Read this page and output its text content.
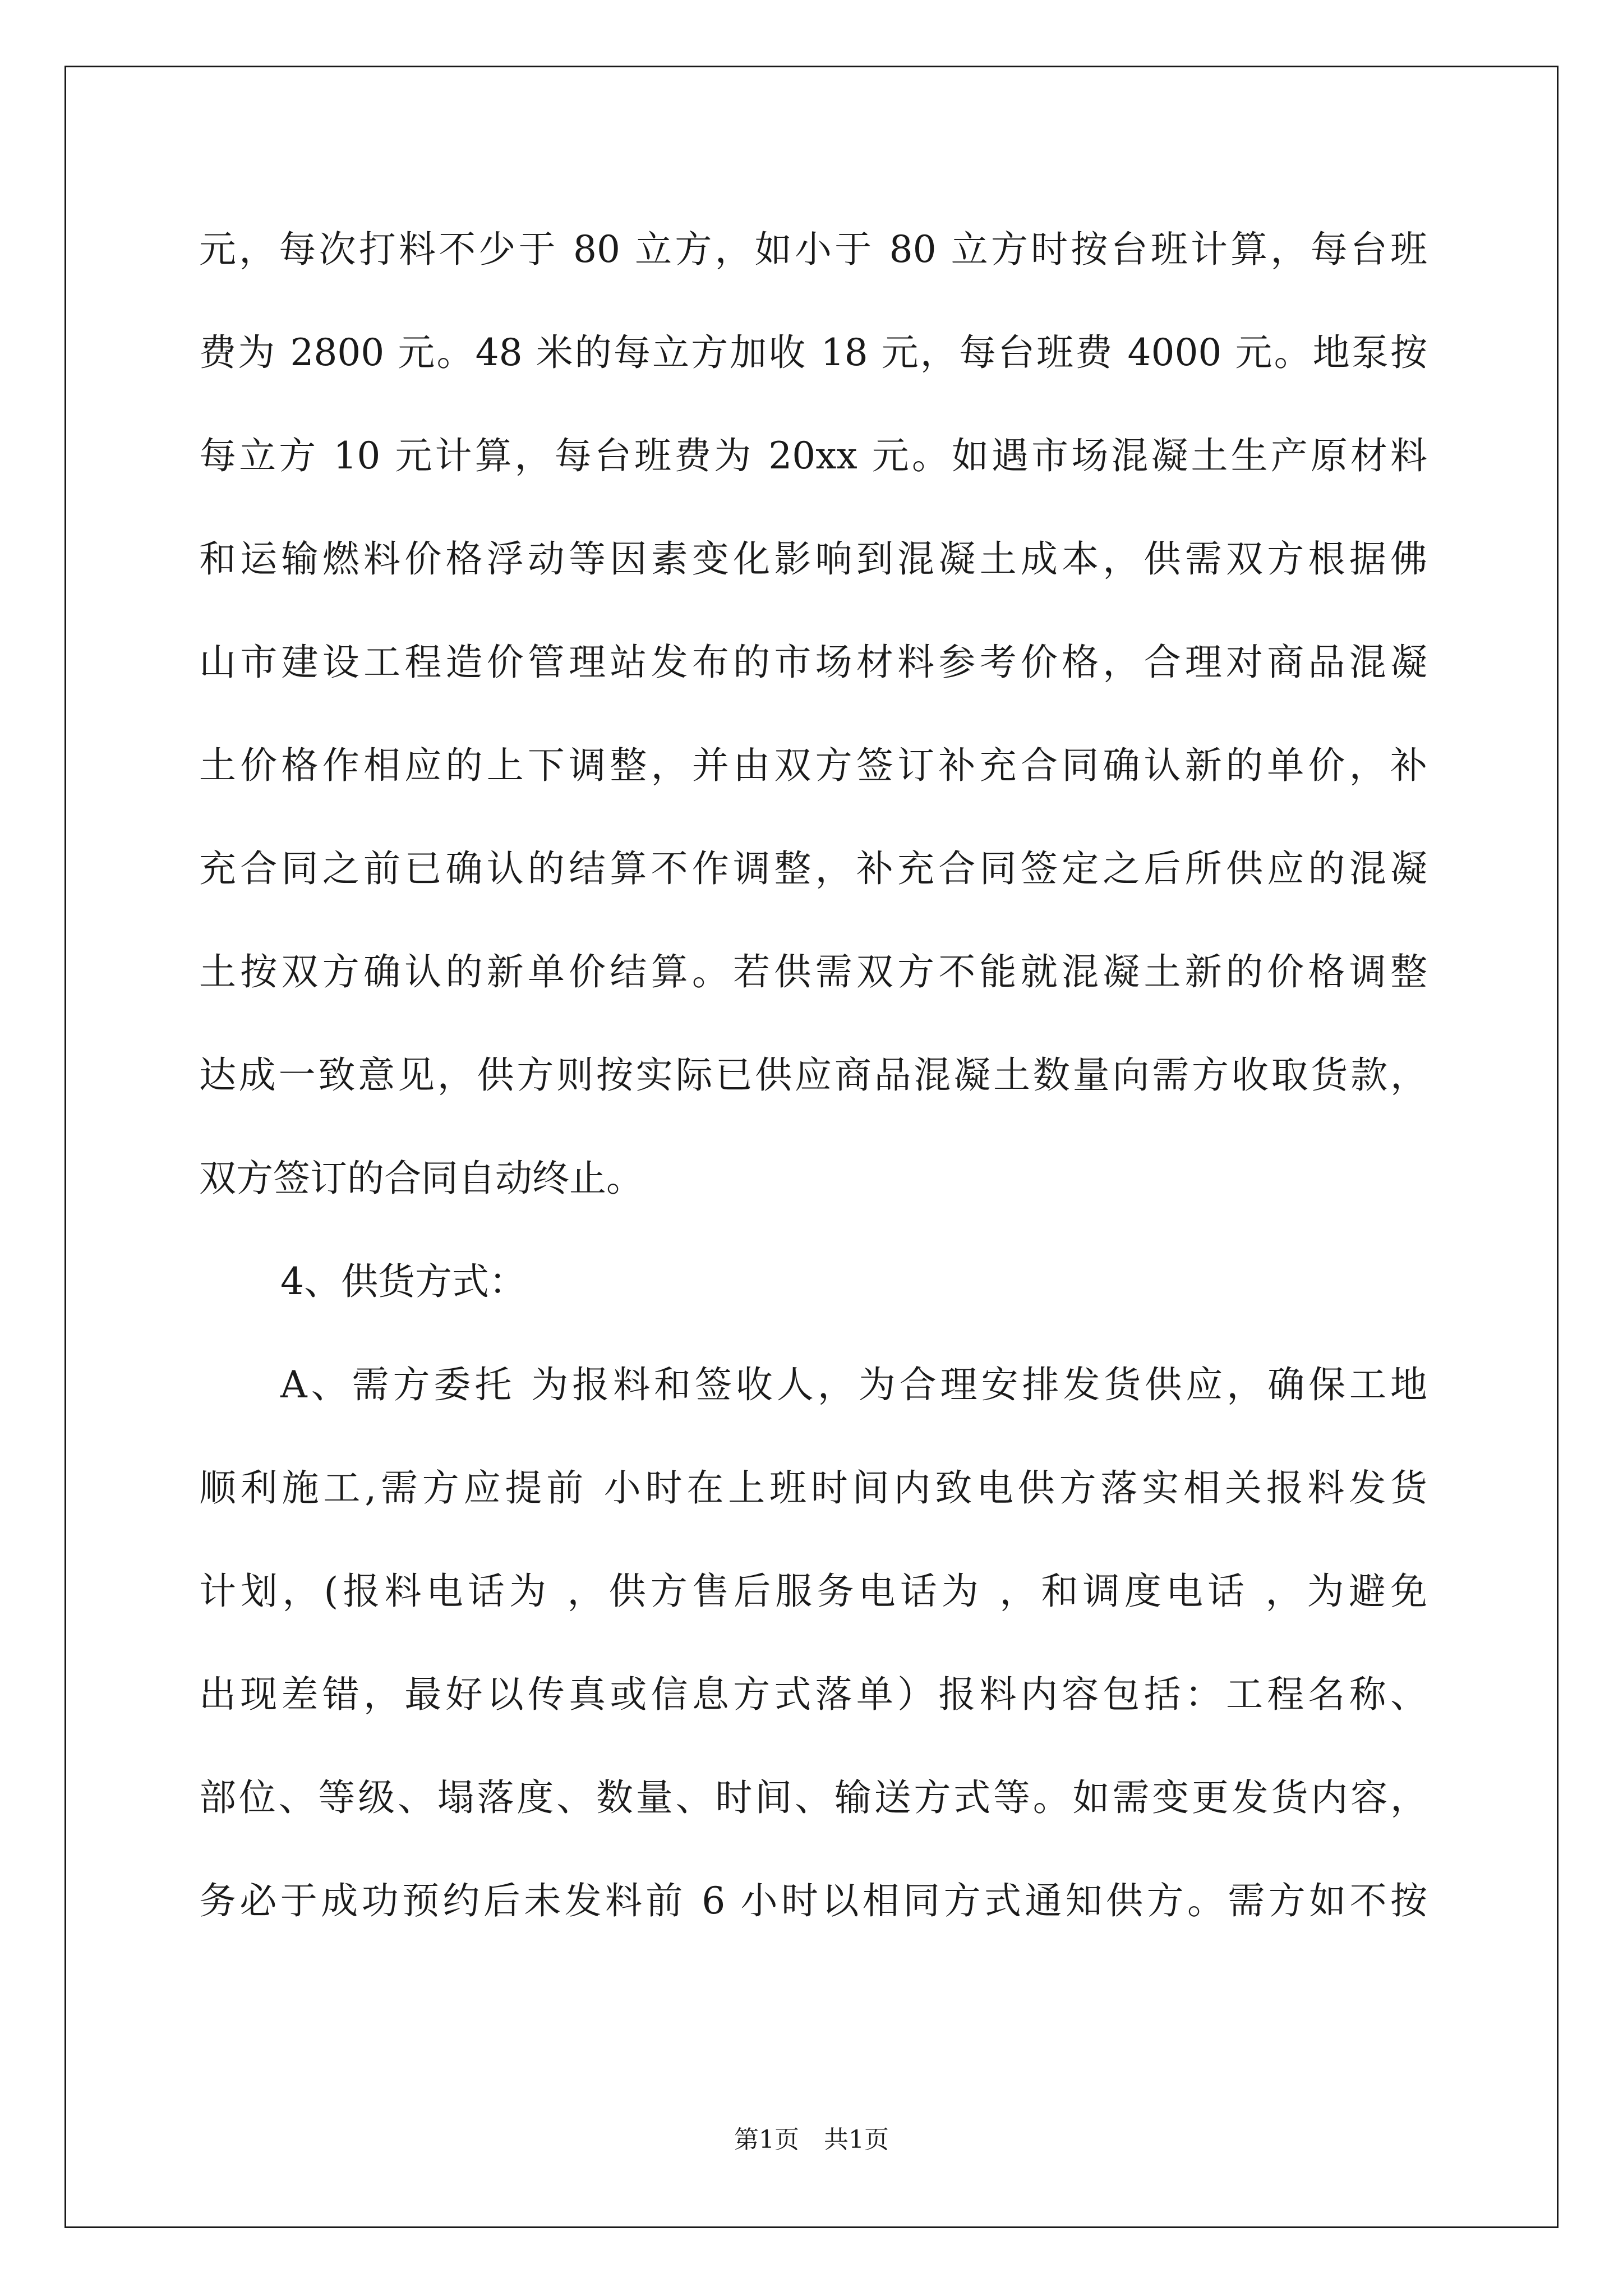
元，每次打料不少于 80 立方，如小于 80 立方时按台班计算，每台班
费为 2800 元。48 米的每立方加收 18 元，每台班费 4000 元。地泵按
每立方 10 元计算，每台班费为 20xx 元。如遇市场混凝土生产原材料
和运输燃料价格浮动等因素变化影响到混凝土成本，供需双方根据佛
山市建设工程造价管理站发布的市场材料参考价格，合理对商品混凝
土价格作相应的上下调整，并由双方签订补充合同确认新的单价，补
充合同之前已确认的结算不作调整，补充合同签定之后所供应的混凝
土按双方确认的新单价结算。若供需双方不能就混凝土新的价格调整
达成一致意见，供方则按实际已供应商品混凝土数量向需方收取货款，
双方签订的合同自动终止。
4、供货方式：
A、需方委托 为报料和签收人，为合理安排发货供应，确保工地
顺利施工,需方应提前 小时在上班时间内致电供方落实相关报料发货
计划，(报料电话为 ，供方售后服务电话为 ，和调度电话 ，为避免
出现差错，最好以传真或信息方式落单）报料内容包括：工程名称、
部位、等级、塌落度、数量、时间、输送方式等。如需变更发货内容，
务必于成功预约后未发料前 6 小时以相同方式通知供方。需方如不按
第1页　共1页
